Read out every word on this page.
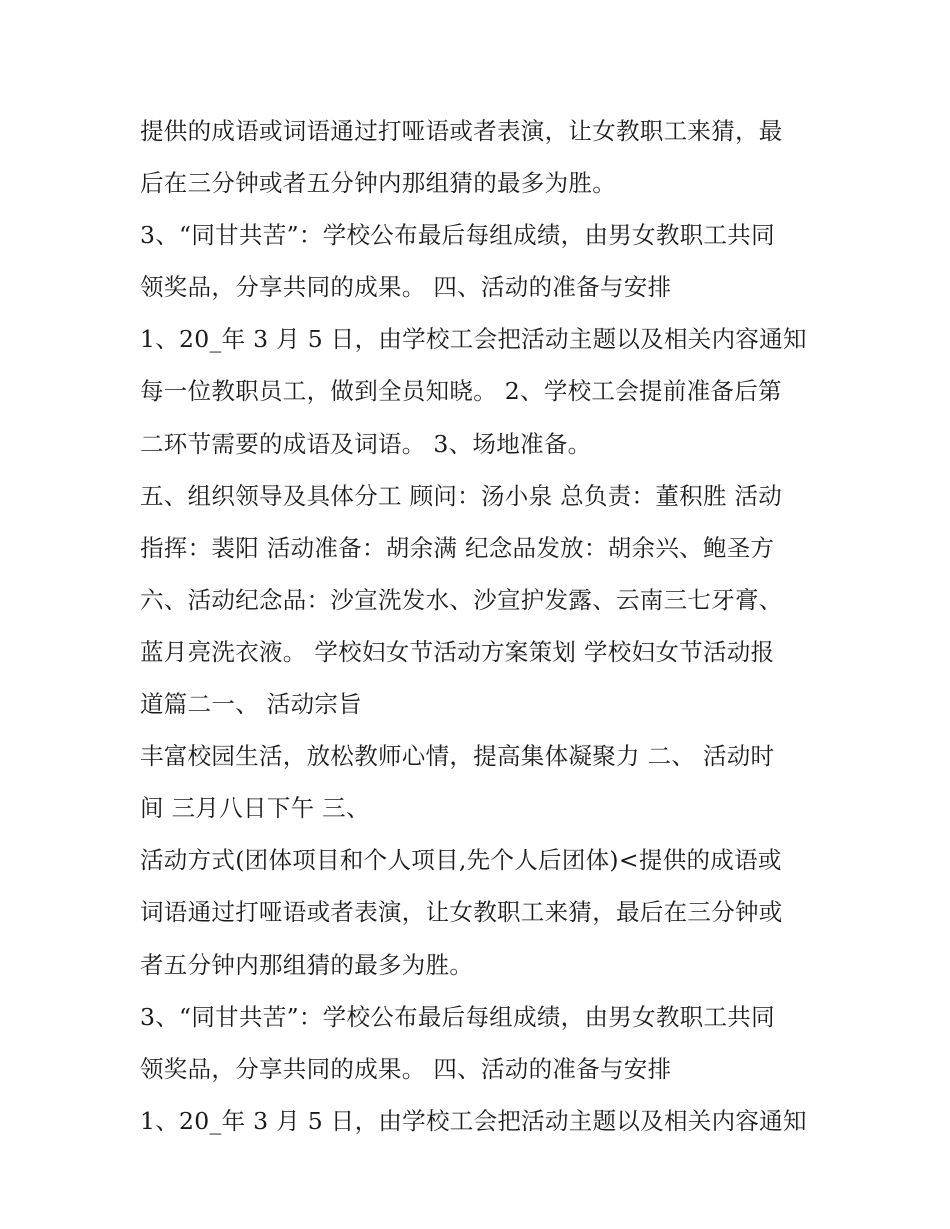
提供的成语或词语通过打哑语或者表演，让女教职工来猜，最
后在三分钟或者五分钟内那组猜的最多为胜。
3、“同甘共苦”：学校公布最后每组成绩，由男女教职工共同
领奖品，分享共同的成果。 四、活动的准备与安排
1、20_年 3 月 5 日，由学校工会把活动主题以及相关内容通知
每一位教职员工，做到全员知晓。 2、学校工会提前准备后第
二环节需要的成语及词语。 3、场地准备。
五、组织领导及具体分工 顾问：汤小泉 总负责：董积胜 活动
指挥：裴阳 活动准备：胡余满 纪念品发放：胡余兴、鲍圣方
六、活动纪念品：沙宣洗发水、沙宣护发露、云南三七牙膏、
蓝月亮洗衣液。 学校妇女节活动方案策划 学校妇女节活动报
道篇二一、 活动宗旨
丰富校园生活，放松教师心情，提高集体凝聚力 二、 活动时
间 三月八日下午 三、
活动方式(团体项目和个人项目,先个人后团体)<提供的成语或
词语通过打哑语或者表演，让女教职工来猜，最后在三分钟或
者五分钟内那组猜的最多为胜。
3、“同甘共苦”：学校公布最后每组成绩，由男女教职工共同
领奖品，分享共同的成果。 四、活动的准备与安排
1、20_年 3 月 5 日，由学校工会把活动主题以及相关内容通知
